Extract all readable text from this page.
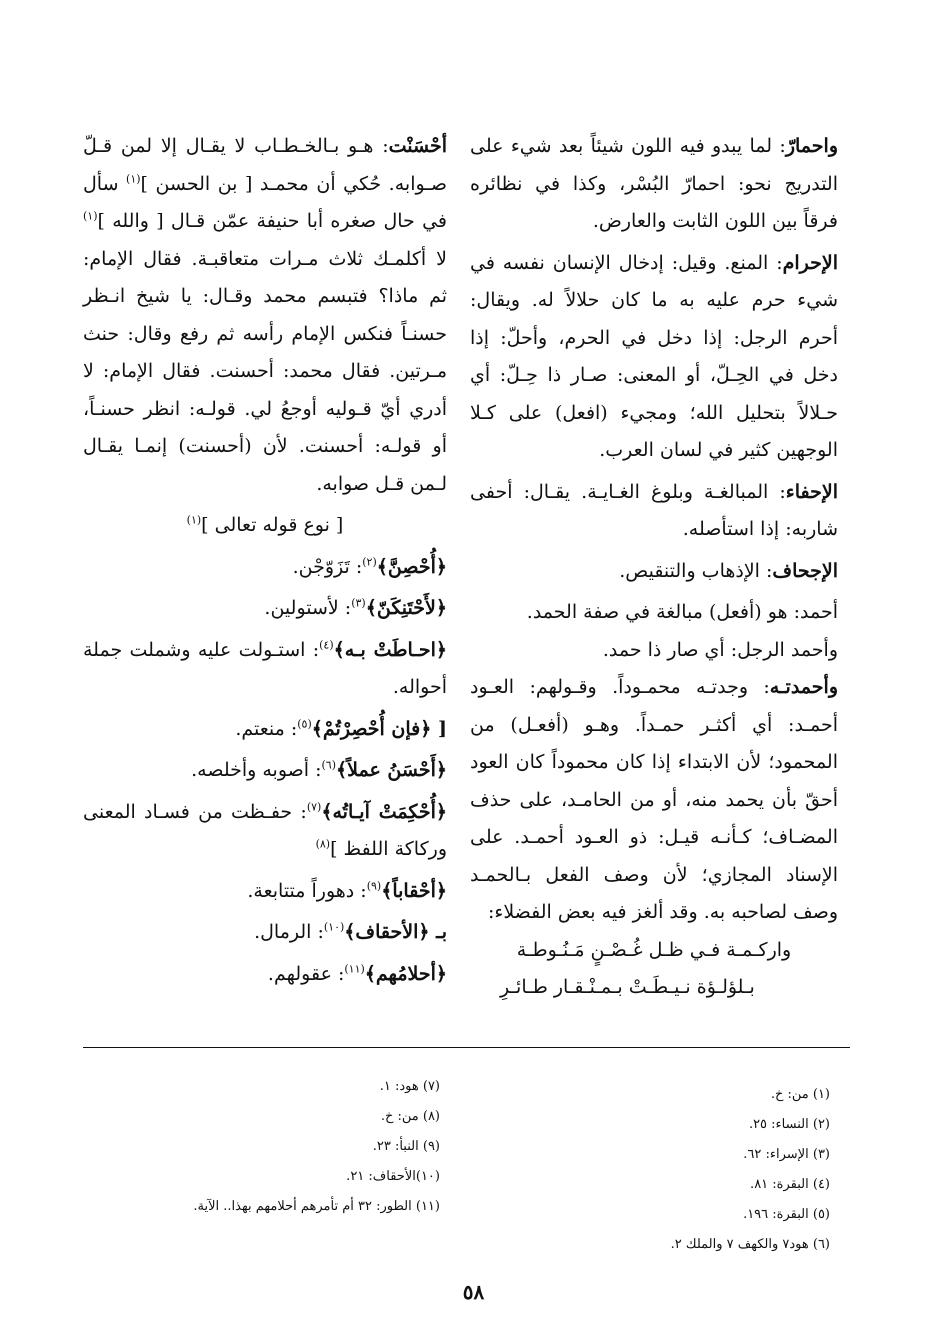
واحمارّ: لما يبدو فيه اللون شيئاً بعد شيء على التدريج نحو: احمارّ البُسْر، وكذا في نظائره فرقاً بين اللون الثابت والعارض.

الإحرام: المنع. وقيل: إدخال الإنسان نفسه في شيء حرم عليه به ما كان حلالاً له. ويقال: أحرم الرجل: إذا دخل في الحرم، وأحلّ: إذا دخل في الحِـلّ، أو المعنى: صـار ذا حِـلّ: أي حـلالاً بتحليل الله؛ ومجيء (افعل) على كـلا الوجهين كثير في لسان العرب.

الإحفاء: المبالغـة وبلوغ الغـايـة. يقـال: أحفى شاربه: إذا استأصله.

الإجحاف: الإذهاب والتنقيص.

أحمد: هو (أفعل) مبالغة في صفة الحمد.

وأحمد الرجل: أي صار ذا حمد.

وأحمدتـه: وجدتـه محمـوداً. وقـولهم: العـود أحمـد: أي أكثـر حمـداً. وهـو (أفعـل) من المحمود؛ لأن الابتداء إذا كان محموداً كان العود أحقّ بأن يحمد منه، أو من الحامـد، على حذف المضـاف؛ كـأنـه قيـل: ذو العـود أحمـد. على الإسناد المجازي؛ لأن وصف الفعل بـالحمـد وصف لصاحبه به. وقد ألغز فيه بعض الفضلاء:

واركـمـة فـي ظـل غُـصْـنٍ مَـنُـوطـة

بـلؤلـؤة نـيـطَـتْ بـمـنْـقـار طـائـرِ

أحْسَنْت: هـو بـالخـطـاب لا يقـال إلا لمن قـلّ صـوابه. حُكي أن محمـد [ بن الحسن ]$^{(١)}$ سأل في حال صغره أبا حنيفة عمّن قـال [ والله ]$^{(١)}$ لا أكلمـك ثلاث مـرات متعاقبـة. فقال الإمام: ثم ماذا؟ فتبسم محمد وقـال: يا شيخ انـظر حسنـاً فنكس الإمام رأسه ثم رفع وقال: حنث مـرتين. فقال محمد: أحسنت. فقال الإمام: لا أدري أيّ قـوليه أوجعُ لي. قولـه: انظر حسنـاً، أو قولـه: أحسنت. لأن (أحسنت) إنمـا يقـال لـمن قـل صوابه.

[ نوع قوله تعالى ]$^{(١)}$

﴿أُحْصِنَّ﴾$^{(٢)}$: تَزَوّجْن.

﴿لأَحْتَنِكَنّ﴾$^{(٣)}$: لأستولين.

﴿احـاطَتْ بـه﴾$^{(٤)}$: استـولت عليه وشملت جملة أحواله.

[ ﴿فإن أُحْصِرْتُمْ﴾$^{(٥)}$: منعتم.

﴿أَحْسَنُ عملاً﴾$^{(٦)}$: أصوبه وأخلصه.

﴿أُحْكِمَتْ آيـاتُه﴾$^{(٧)}$: حفـظت من فسـاد المعنى وركاكة اللفظ ]$^{(٨)}$

﴿أحْقاباً﴾$^{(٩)}$: دهوراً متتابعة.

بـ ﴿الأحقاف﴾$^{(١٠)}$: الرمال.

﴿أحلامُهم﴾$^{(١١)}$: عقولهم.

(١) من: خ.

(٢) النساء: ٢٥.

(٣) الإسراء: ٦٢.

(٤) البقرة: ٨١.

(٥) البقرة: ١٩٦.

(٦) هود٧ والكهف ٧ والملك ٢.

(٧) هود: ١.

(٨) من: خ.

(٩) النبأ: ٢٣.

(١٠)الأحقاف: ٢١.

(١١) الطور: ٣٢ أم تأمرهم أحلامهم بهذا.. الآية.

٥٨
